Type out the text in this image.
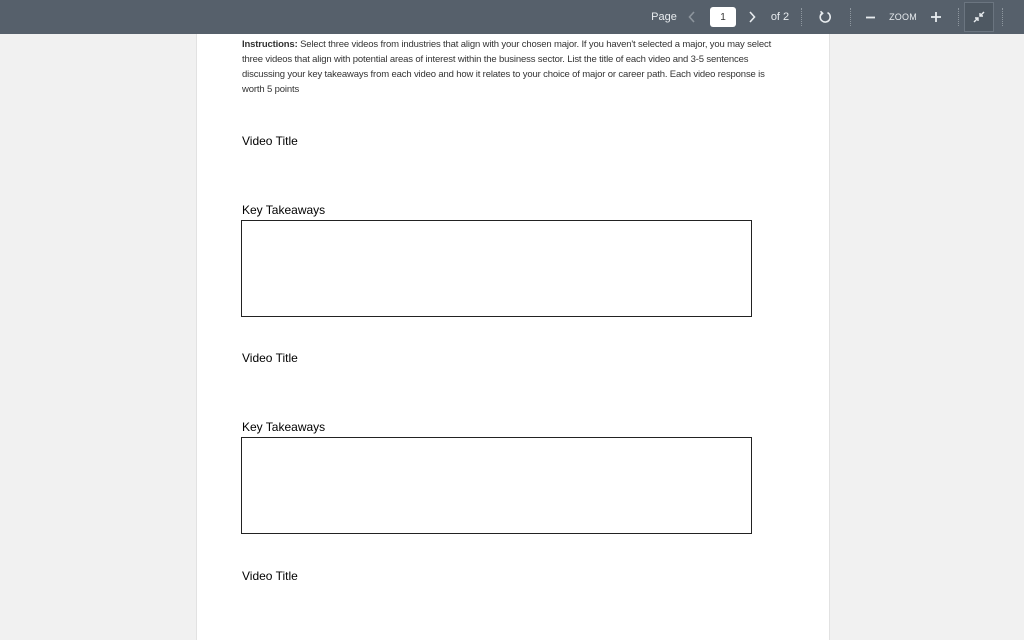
Page
1	of 2	ZOOM

Instructions: Select three videos from industries that align with your chosen major. If you haven't selected a major, you may select three videos that align with potential areas of interest within the business sector. List the title of each video and 3-5 sentences discussing your key takeaways from each video and how it relates to your choice of major or career path. Each video response is worth 5 points

Video Title
Key Takeaways
Video Title
Key Takeaways
Video Title
